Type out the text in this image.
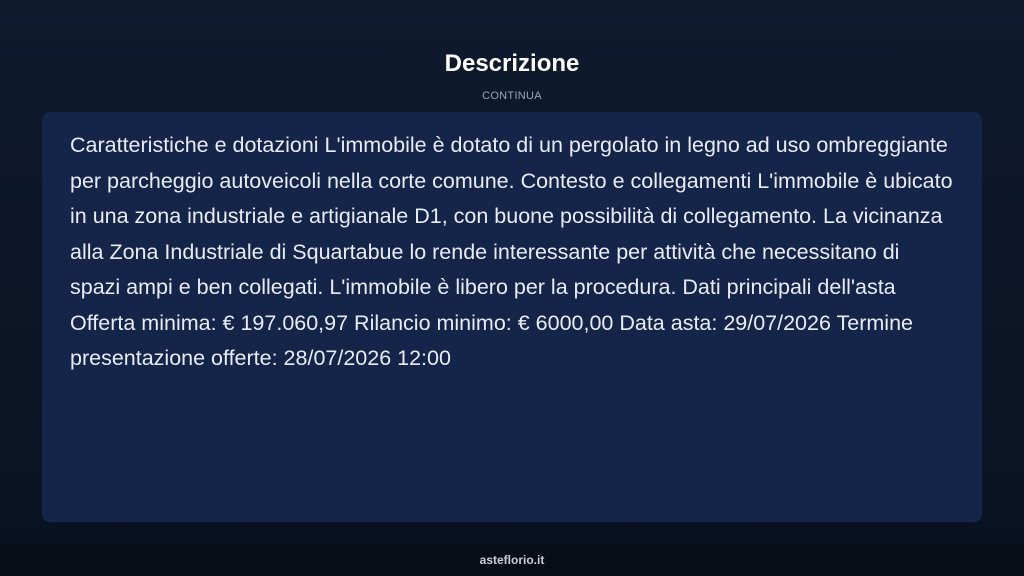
Descrizione
CONTINUA

Caratteristiche e dotazioni L'immobile è dotato di un pergolato in legno ad uso ombreggiante per parcheggio autoveicoli nella corte comune. Contesto e collegamenti L'immobile è ubicato in una zona industriale e artigianale D1, con buone possibilità di collegamento. La vicinanza alla Zona Industriale di Squartabue lo rende interessante per attività che necessitano di spazi ampi e ben collegati. L'immobile è libero per la procedura. Dati principali dell'asta Offerta minima: € 197.060,97 Rilancio minimo: € 6000,00 Data asta: 29/07/2026 Termine presentazione offerte: 28/07/2026 12:00

asteflorio.it
